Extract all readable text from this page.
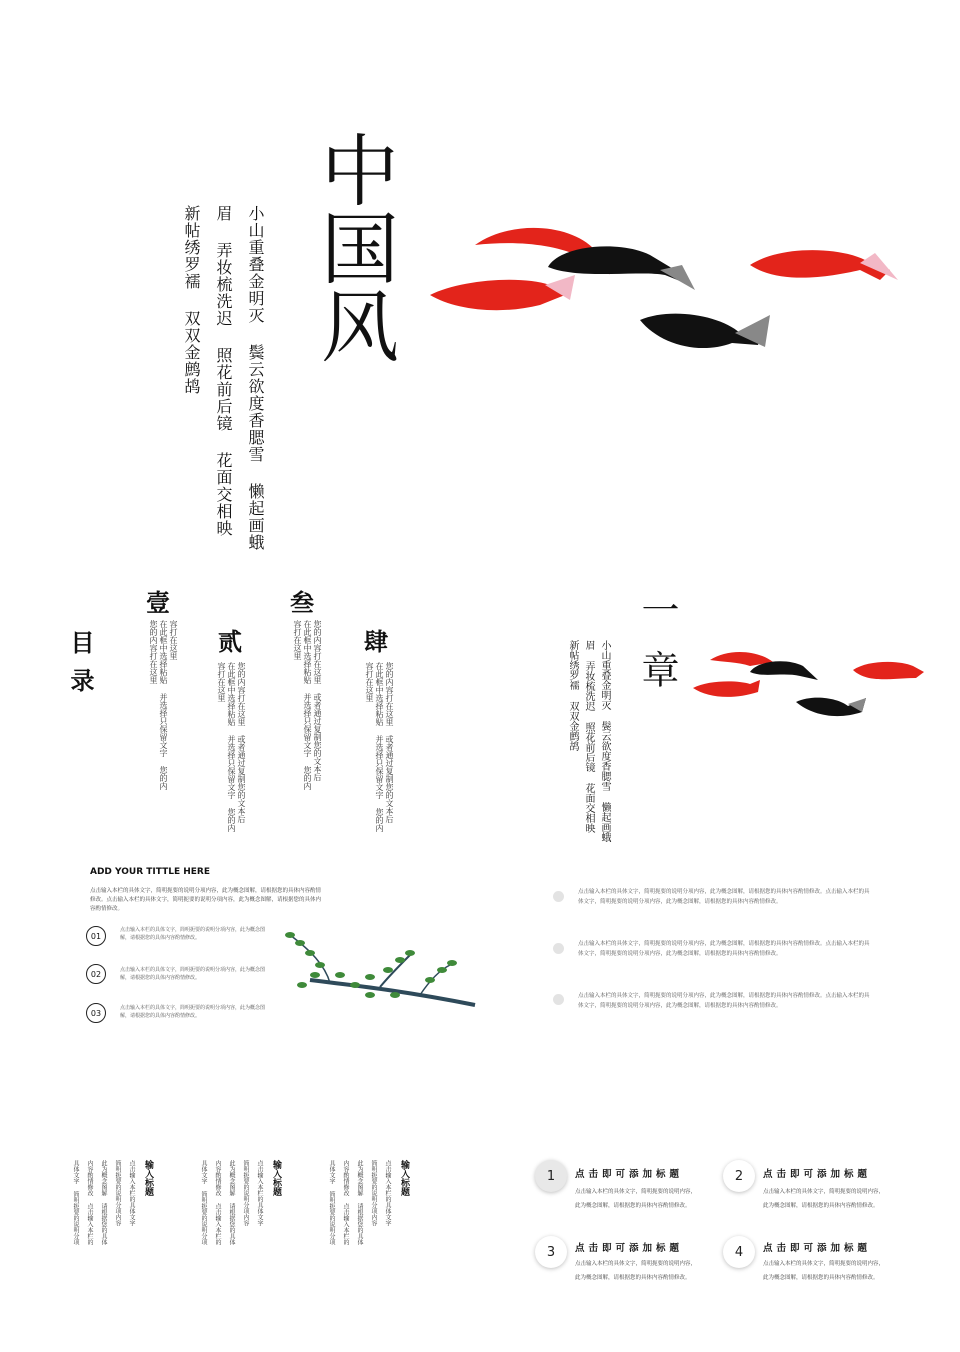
中国风
小山重叠金明灭 鬓云欲度香腮雪 懒起画蛾
眉 弄妆梳洗迟 照花前后镜 花面交相映
新帖绣罗襦 双双金鹧鸪
目录
壹
您的内容打在这里 在此框中选择粘贴 并选择只保留文字 您的内 容打在这里 贰
您的内容打在这里 或者通过复制您的文本后
在此框中选择粘贴 并选择只保留文字 您的内
容打在这里
叁
您的内容打在这里 或者通过复制您的文本后
在此框中选择粘贴 并选择只保留文字 您的内
容打在这里	肆
您的内容打在这里 或者通过复制您的文本后
在此框中选择粘贴 并选择只保留文字 您的内
容打在这里	一章
小山重叠金明灭 鬓云欲度香腮雪 懒起画蛾
眉 弄妆梳洗迟 照花前后镜 花面交相映
新帖绣罗襦 双双金鹧鸪
ADD YOUR TITTLE HERE
点击输入本栏的具体文字，简明扼要的说明分项内容，此为概念图解，请根据您的具体内容酌情修改。点击输入本栏的具体文字，简明扼要的说明分项内容，此为概念图解，请根据您的具体内容酌情修改。
01
点击输入本栏的具体文字，简明扼要的说明分项内容，此为概念图解，请根据您的具体内容酌情修改。
02	点击输入本栏的具体文字，简明扼要的说明分项内容，此为概念图解，请根据您的具体内容酌情修改。
03
点击输入本栏的具体文字，简明扼要的说明分项内容，此为概念图解，请根据您的具体内容酌情修改。
点击输入本栏的具体文字，简明扼要的说明分项内容，此为概念图解，请根据您的具体内容酌情修改。点击输入本栏的具体文字，简明扼要的说明分项内容，此为概念图解，请根据您的具体内容酌情修改。
点击输入本栏的具体文字，简明扼要的说明分项内容，此为概念图解，请根据您的具体内容酌情修改。点击输入本栏的具体文字，简明扼要的说明分项内容，此为概念图解，请根据您的具体内容酌情修改。
点击输入本栏的具体文字，简明扼要的说明分项内容，此为概念图解，请根据您的具体内容酌情修改。点击输入本栏的具体文字，简明扼要的说明分项内容，此为概念图解，请根据您的具体内容酌情修改。
输入标题
点击输入本栏的具体文字
简明扼要的说明分项内容
此为概念图解 请根据您的具体
内容酌情修改 点击输入本栏的
具体文字 简明扼要的说明分项	输入标题
点击输入本栏的具体文字
简明扼要的说明分项内容
此为概念图解 请根据您的具体
内容酌情修改 点击输入本栏的
具体文字 简明扼要的说明分项	输入标题
点击输入本栏的具体文字
简明扼要的说明分项内容
此为概念图解 请根据您的具体
内容酌情修改 点击输入本栏的
具体文字 简明扼要的说明分项	1	点击即可添加标题
点击输入本栏的具体文字，简明扼要的说明内容，
此为概念图解，请根据您的具体内容酌情修改。
2	点击即可添加标题
点击输入本栏的具体文字，简明扼要的说明内容，
此为概念图解，请根据您的具体内容酌情修改。
3	点击即可添加标题
点击输入本栏的具体文字，简明扼要的说明内容，
此为概念图解，请根据您的具体内容酌情修改。
4	点击即可添加标题
点击输入本栏的具体文字，简明扼要的说明内容，
此为概念图解，请根据您的具体内容酌情修改。
